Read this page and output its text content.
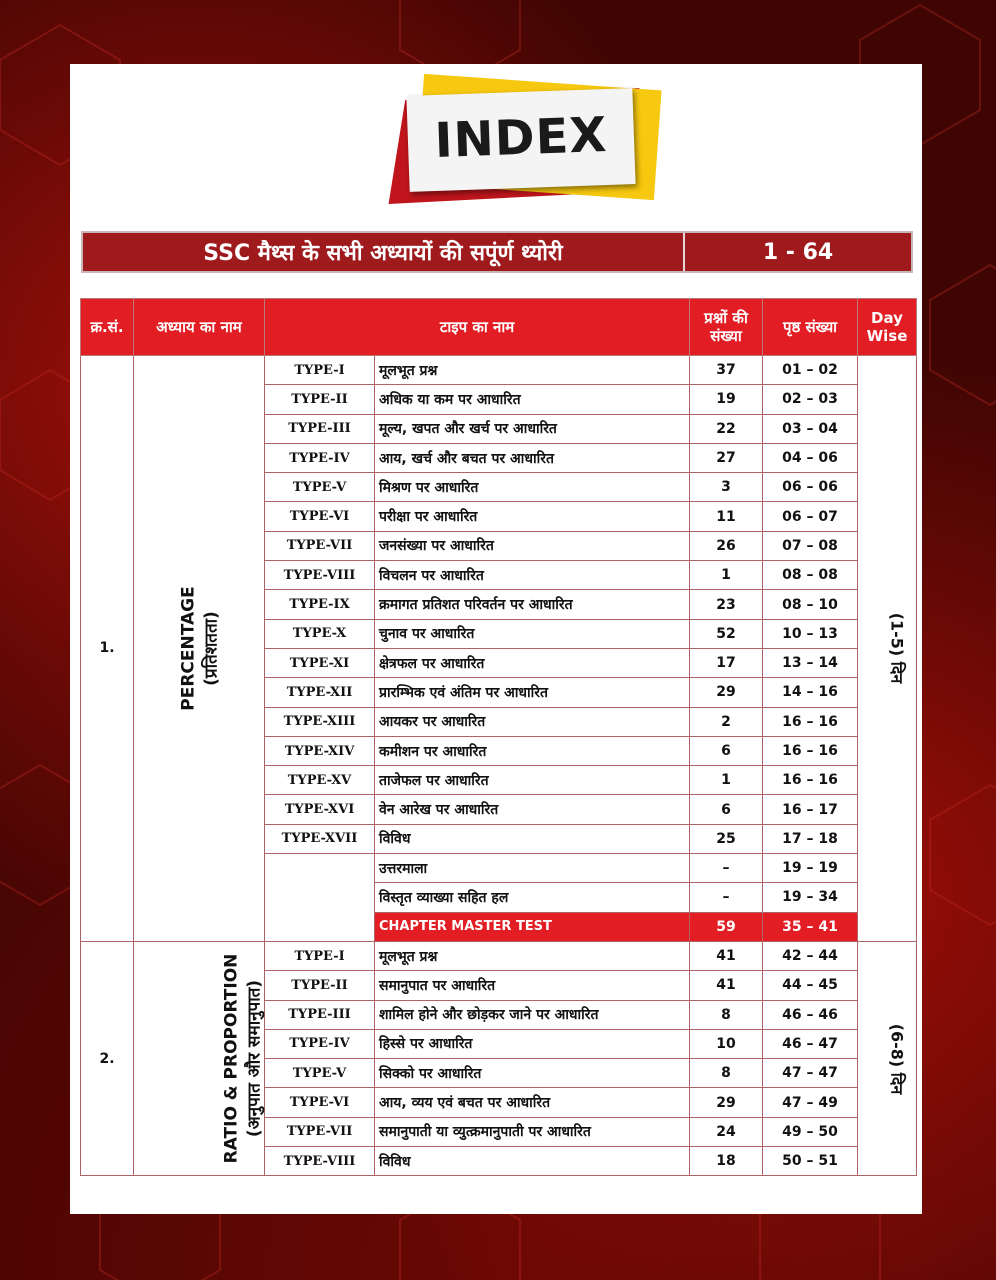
INDEX
SSC मैथ्स के सभी अध्यायों की सपूंर्ण थ्योरी	1 - 64
क्र.सं.	अध्याय का नाम	टाइप का नाम		प्रश्नों की संख्या	पृष्ठ संख्या	Day Wise
1.	PERCENTAGE (प्रतिशतता)	TYPE-I	मूलभूत प्रश्न	37	01 – 02	(1-5) दिन
		TYPE-II	अधिक या कम पर आधारित	19	02 – 03	
		TYPE-III	मूल्य, खपत और खर्च पर आधारित	22	03 – 04	
		TYPE-IV	आय, खर्च और बचत पर आधारित	27	04 – 06	
		TYPE-V	मिश्रण पर आधारित	3	06 – 06	
		TYPE-VI	परीक्षा पर आधारित	11	06 – 07	
		TYPE-VII	जनसंख्या पर आधारित	26	07 – 08	
		TYPE-VIII	विचलन पर आधारित	1	08 – 08	
		TYPE-IX	क्रमागत प्रतिशत परिवर्तन पर आधारित	23	08 – 10	
		TYPE-X	चुनाव पर आधारित	52	10 – 13	
		TYPE-XI	क्षेत्रफल पर आधारित	17	13 – 14	
		TYPE-XII	प्रारम्भिक एवं अंतिम पर आधारित	29	14 – 16	
		TYPE-XIII	आयकर पर आधारित	2	16 – 16	
		TYPE-XIV	कमीशन पर आधारित	6	16 – 16	
		TYPE-XV	ताजेफल पर आधारित	1	16 – 16	
		TYPE-XVI	वेन आरेख पर आधारित	6	16 – 17	
		TYPE-XVII	विविध	25	17 – 18	
			उत्तरमाला	–	19 – 19	
			विस्तृत व्याख्या सहित हल	–	19 – 34	
			CHAPTER MASTER TEST	59	35 – 41	
2.	RATIO & PROPORTION (अनुपात और समानुपात)	TYPE-I	मूलभूत प्रश्न	41	42 – 44	(6-8) दिन
		TYPE-II	समानुपात पर आधारित	41	44 – 45	
		TYPE-III	शामिल होने और छोड़कर जाने पर आधारित	8	46 – 46	
		TYPE-IV	हिस्से पर आधारित	10	46 – 47	
		TYPE-V	सिक्को पर आधारित	8	47 – 47	
		TYPE-VI	आय, व्यय एवं बचत पर आधारित	29	47 – 49	
		TYPE-VII	समानुपाती या व्युत्क्रमानुपाती पर आधारित	24	49 – 50	
		TYPE-VIII	विविध	18	50 – 51	
